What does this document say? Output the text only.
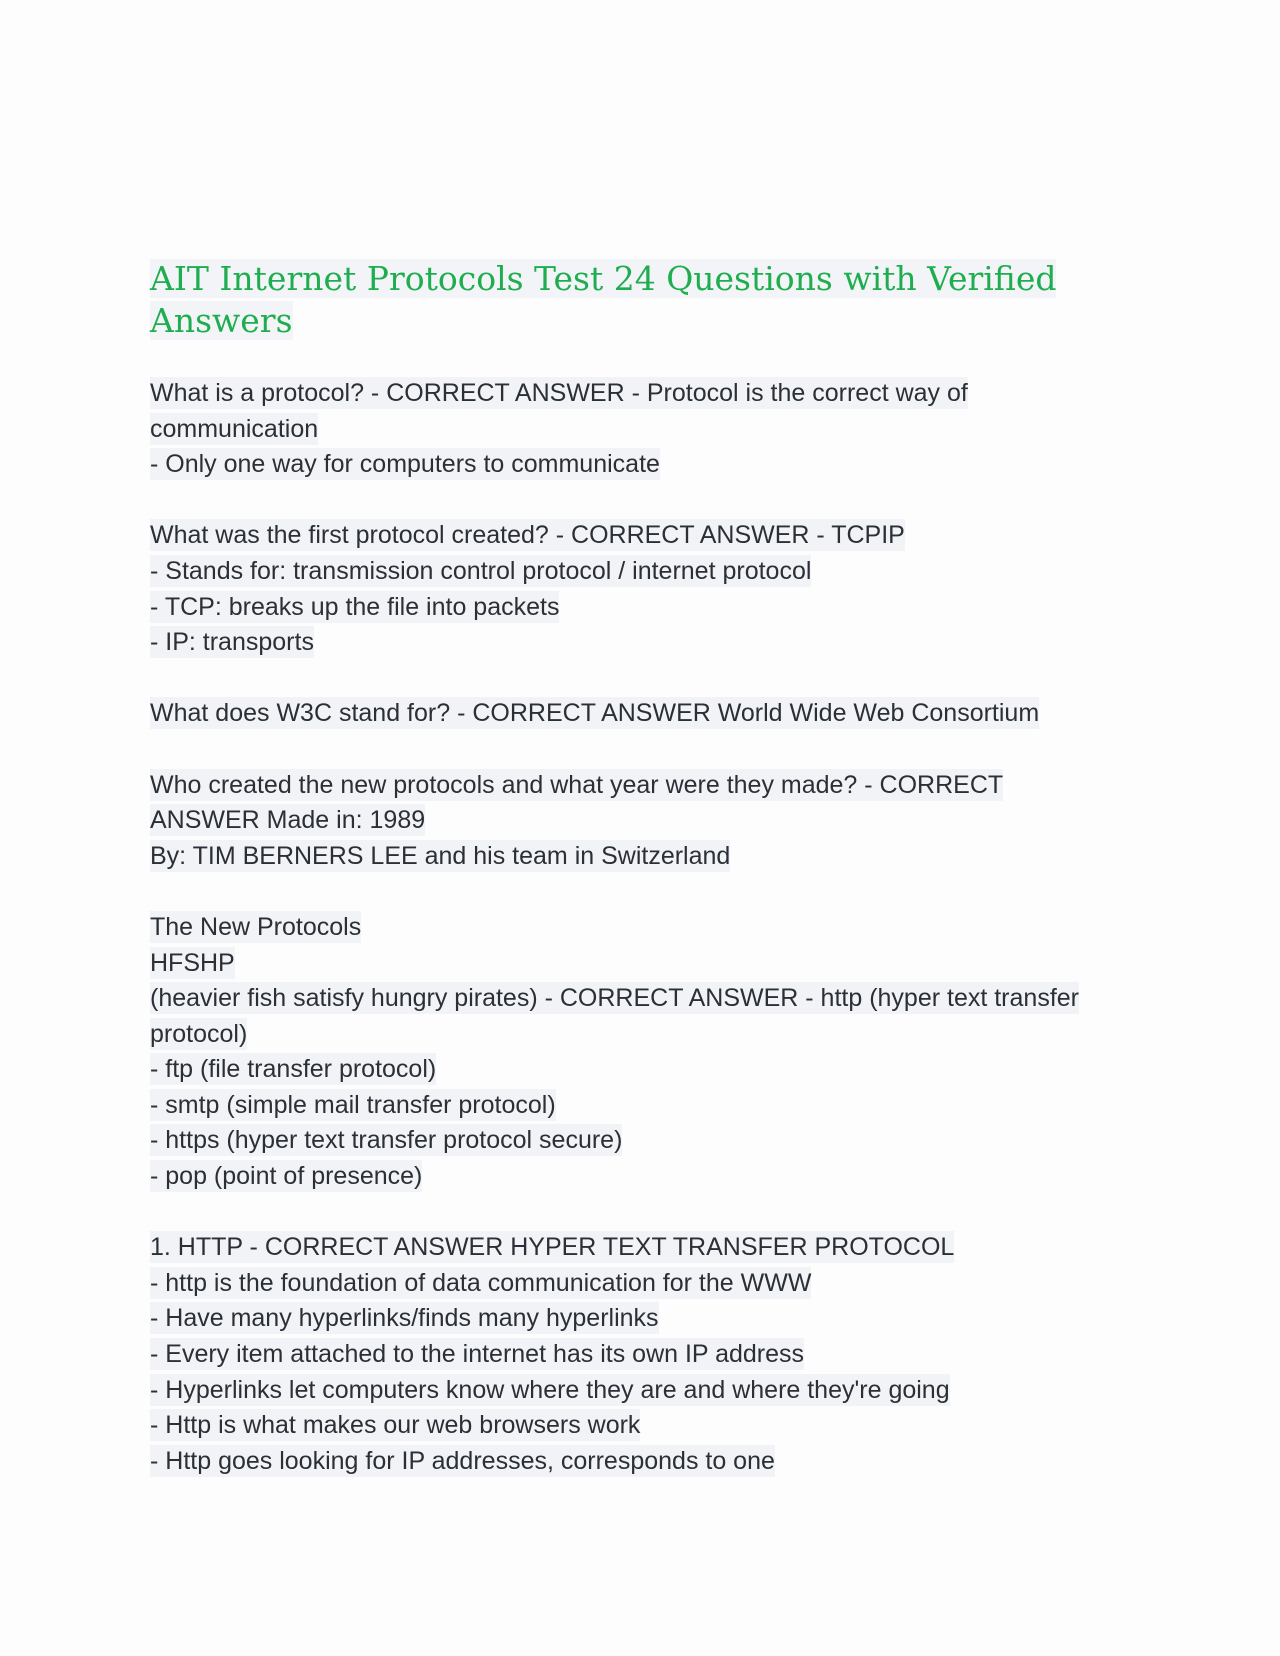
AIT Internet Protocols Test 24 Questions with Verified
Answers
What is a protocol? - CORRECT ANSWER - Protocol is the correct way of
communication
- Only one way for computers to communicate
What was the first protocol created? - CORRECT ANSWER - TCPIP
- Stands for: transmission control protocol / internet protocol
- TCP: breaks up the file into packets
- IP: transports
What does W3C stand for? - CORRECT ANSWER World Wide Web Consortium
Who created the new protocols and what year were they made? - CORRECT
ANSWER Made in: 1989
By: TIM BERNERS LEE and his team in Switzerland
The New Protocols
HFSHP
(heavier fish satisfy hungry pirates) - CORRECT ANSWER - http (hyper text transfer
protocol)
- ftp (file transfer protocol)
- smtp (simple mail transfer protocol)
- https (hyper text transfer protocol secure)
- pop (point of presence)
1. HTTP - CORRECT ANSWER HYPER TEXT TRANSFER PROTOCOL
- http is the foundation of data communication for the WWW
- Have many hyperlinks/finds many hyperlinks
- Every item attached to the internet has its own IP address
- Hyperlinks let computers know where they are and where they're going
- Http is what makes our web browsers work
- Http goes looking for IP addresses, corresponds to one
